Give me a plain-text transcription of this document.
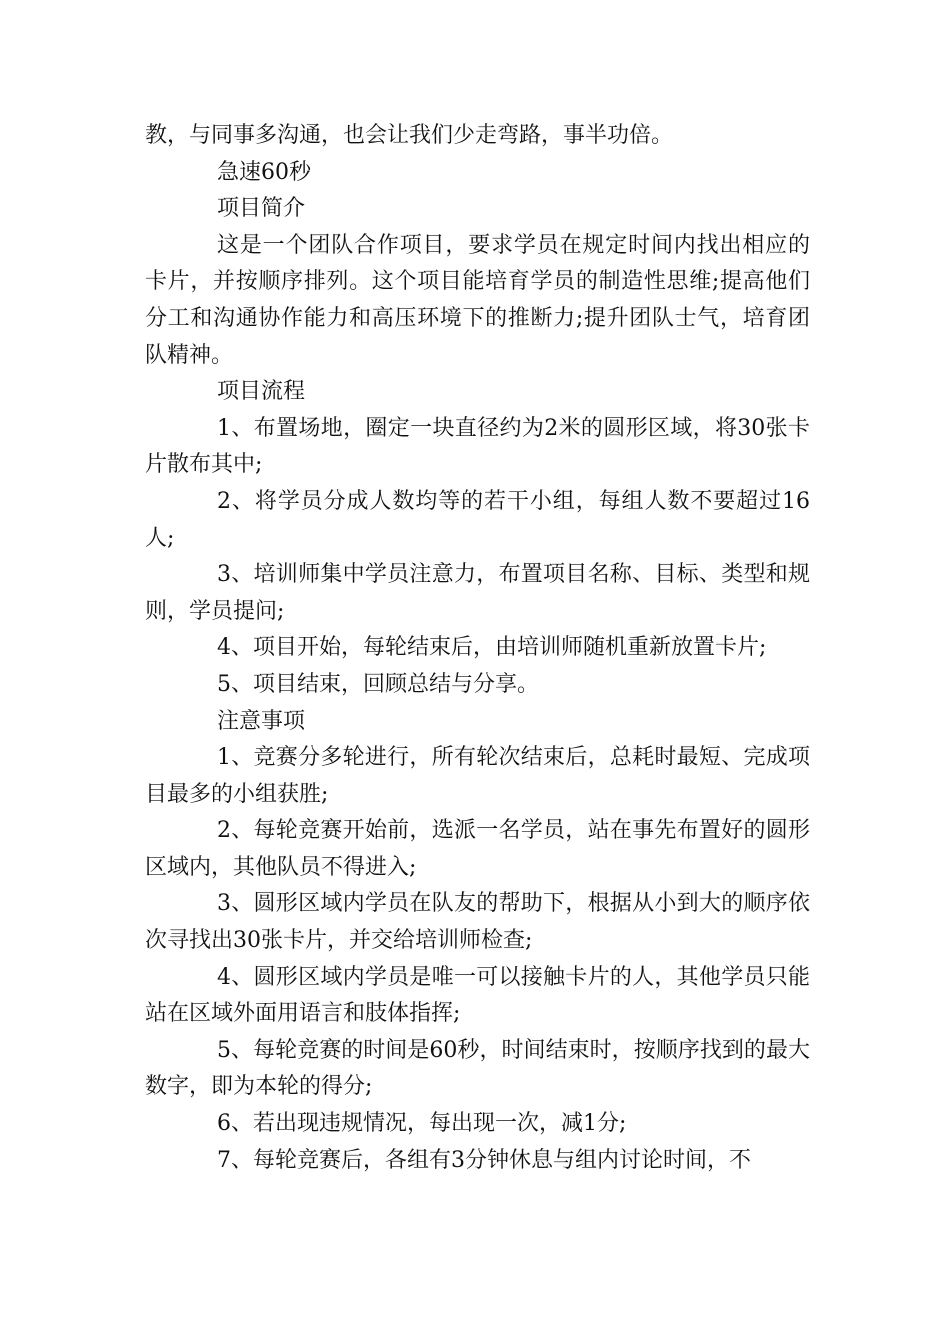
教，与同事多沟通，也会让我们少走弯路，事半功倍。

急速60秒

项目简介

这是一个团队合作项目，要求学员在规定时间内找出相应的卡片，并按顺序排列。这个项目能培育学员的制造性思维;提高他们分工和沟通协作能力和高压环境下的推断力;提升团队士气，培育团队精神。

项目流程

1、布置场地，圈定一块直径约为2米的圆形区域，将30张卡片散布其中;

2、将学员分成人数均等的若干小组，每组人数不要超过16人;

3、培训师集中学员注意力，布置项目名称、目标、类型和规则，学员提问;

4、项目开始，每轮结束后，由培训师随机重新放置卡片;

5、项目结束，回顾总结与分享。

注意事项

1、竞赛分多轮进行，所有轮次结束后，总耗时最短、完成项目最多的小组获胜;

2、每轮竞赛开始前，选派一名学员，站在事先布置好的圆形区域内，其他队员不得进入;

3、圆形区域内学员在队友的帮助下，根据从小到大的顺序依次寻找出30张卡片，并交给培训师检查;

4、圆形区域内学员是唯一可以接触卡片的人，其他学员只能站在区域外面用语言和肢体指挥;

5、每轮竞赛的时间是60秒，时间结束时，按顺序找到的最大数字，即为本轮的得分;

6、若出现违规情况，每出现一次，减1分;

7、每轮竞赛后，各组有3分钟休息与组内讨论时间，不
